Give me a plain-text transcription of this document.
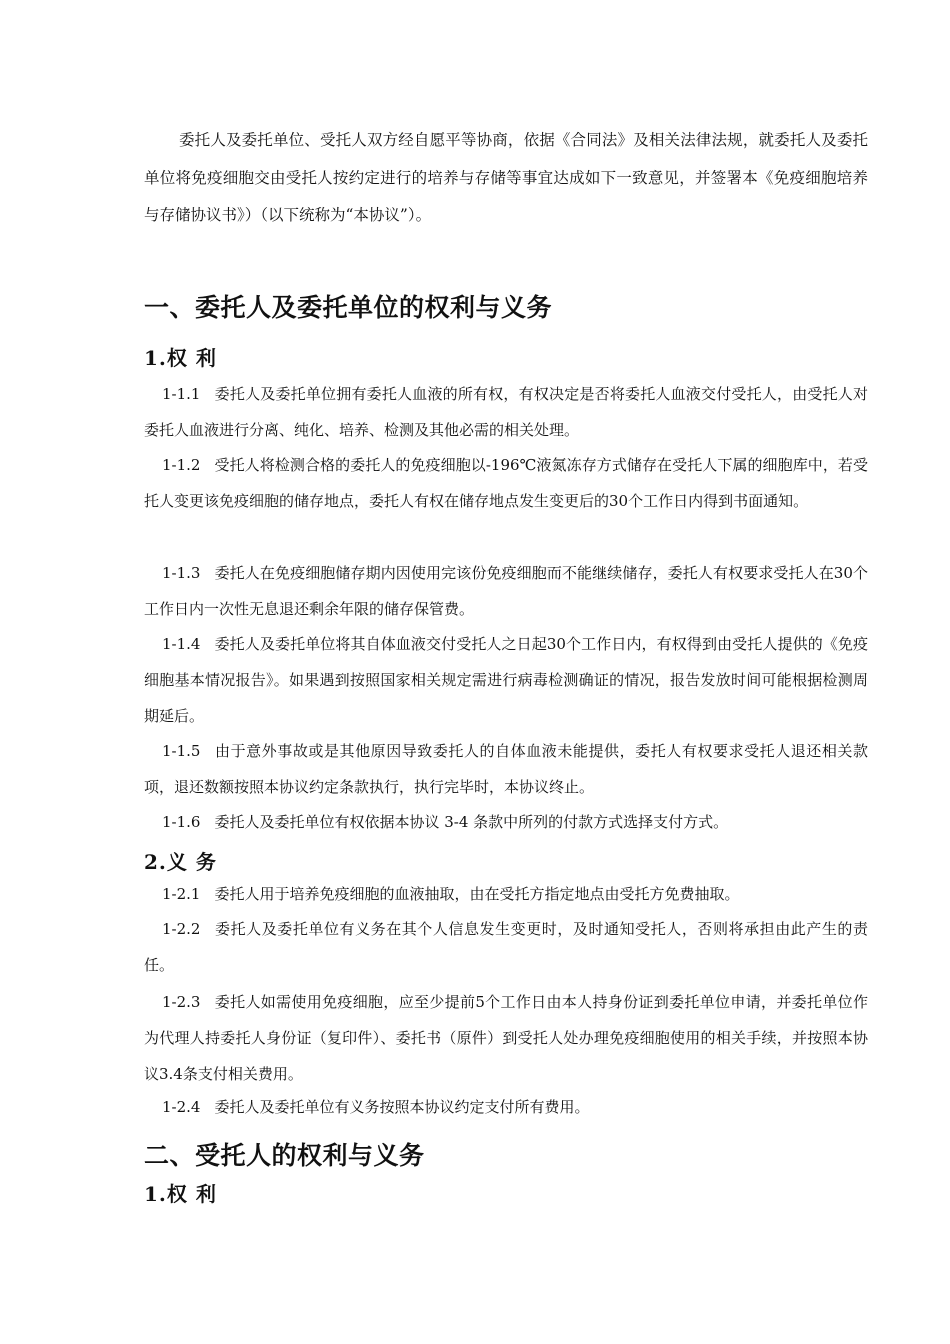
委托人及委托单位、受托人双方经自愿平等协商，依据《合同法》及相关法律法规，就委托人及委托单位将免疫细胞交由受托人按约定进行的培养与存储等事宜达成如下一致意见，并签署本《免疫细胞培养与存储协议书》）（以下统称为“本协议”）。

一、委托人及委托单位的权利与义务
1.权 利

1-1.1 委托人及委托单位拥有委托人血液的所有权，有权决定是否将委托人血液交付受托人，由受托人对委托人血液进行分离、纯化、培养、检测及其他必需的相关处理。

1-1.2 受托人将检测合格的委托人的免疫细胞以-196℃液氮冻存方式储存在受托人下属的细胞库中，若受托人变更该免疫细胞的储存地点，委托人有权在储存地点发生变更后的30个工作日内得到书面通知。

1-1.3 委托人在免疫细胞储存期内因使用完该份免疫细胞而不能继续储存，委托人有权要求受托人在30个工作日内一次性无息退还剩余年限的储存保管费。

1-1.4 委托人及委托单位将其自体血液交付受托人之日起30个工作日内，有权得到由受托人提供的《免疫细胞基本情况报告》。如果遇到按照国家相关规定需进行病毒检测确证的情况，报告发放时间可能根据检测周期延后。

1-1.5 由于意外事故或是其他原因导致委托人的自体血液未能提供，委托人有权要求受托人退还相关款项，退还数额按照本协议约定条款执行，执行完毕时，本协议终止。

1-1.6 委托人及委托单位有权依据本协议 3-4 条款中所列的付款方式选择支付方式。

2.义 务

1-2.1 委托人用于培养免疫细胞的血液抽取，由在受托方指定地点由受托方免费抽取。

1-2.2 委托人及委托单位有义务在其个人信息发生变更时，及时通知受托人，否则将承担由此产生的责任。

1-2.3 委托人如需使用免疫细胞，应至少提前5个工作日由本人持身份证到委托单位申请，并委托单位作为代理人持委托人身份证（复印件）、委托书（原件）到受托人处办理免疫细胞使用的相关手续，并按照本协议3.4条支付相关费用。

1-2.4 委托人及委托单位有义务按照本协议约定支付所有费用。

二、受托人的权利与义务
1.权 利
